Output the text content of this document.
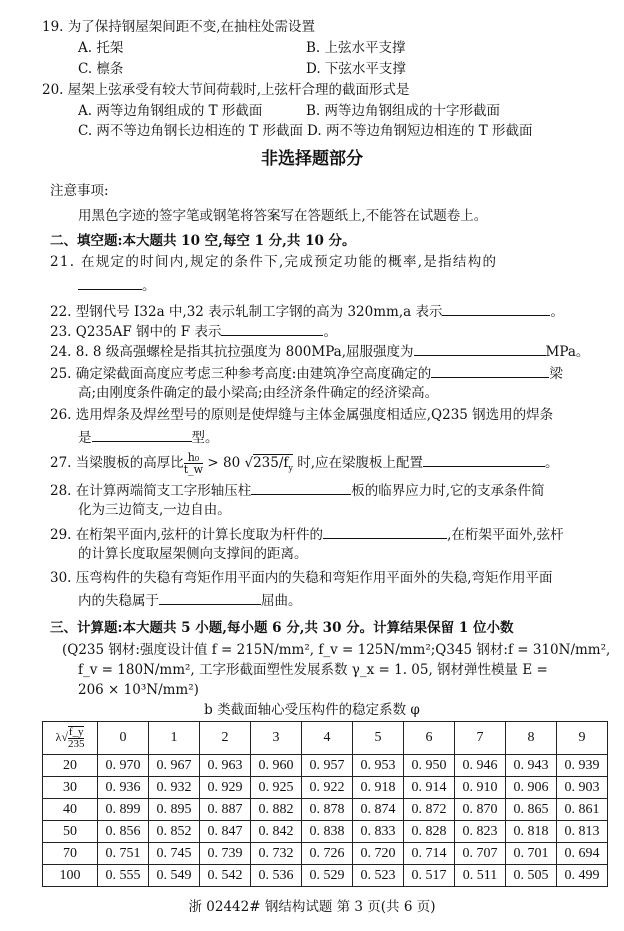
19. 为了保持钢屋架间距不变,在抽柱处需设置
A. 托架	B. 上弦水平支撑
C. 檩条	D. 下弦水平支撑
20. 屋架上弦承受有较大节间荷载时,上弦杆合理的截面形式是
A. 两等边角钢组成的 T 形截面	B. 两等边角钢组成的十字形截面
C. 两不等边角钢长边相连的 T 形截面 D. 两不等边角钢短边相连的 T 形截面
非选择题部分
注意事项:
用黑色字迹的签字笔或钢笔将答案写在答题纸上,不能答在试题卷上。
二、填空题:本大题共 10 空,每空 1 分,共 10 分。
21. 在规定的时间内,规定的条件下,完成预定功能的概率,是指结构的
。
22. 型钢代号 I32a 中,32 表示轧制工字钢的高为 320mm,a 表示	。
23. Q235AF 钢中的 F 表示	。
24. 8. 8 级高强螺栓是指其抗拉强度为 800MPa,屈服强度为	MPa。
25. 确定梁截面高度应考虑三种参考高度:由建筑净空高度确定的	梁
高;由刚度条件确定的最小梁高;由经济条件确定的经济梁高。
26. 选用焊条及焊丝型号的原则是使焊缝与主体金属强度相适应,Q235 钢选用的焊条
是	型。
27. 当梁腹板的高厚比 $\frac{\text{h₀}}{t\_w} > 80$ $√235/f_y$ 时,应在梁腹板上配置	。
28. 在计算两端简支工字形轴压柱	板的临界应力时,它的支承条件简
化为三边简支,一边自由。
29. 在桁架平面内,弦杆的计算长度取为杆件的	,在桁架平面外,弦杆
的计算长度取屋架侧向支撑间的距离。
30. 压弯构件的失稳有弯矩作用平面内的失稳和弯矩作用平面外的失稳,弯矩作用平面
内的失稳属于	屈曲。
三、计算题:本大题共 5 小题,每小题 6 分,共 30 分。计算结果保留 1 位小数
(Q235 钢材:强度设计值 f = 215N/mm², f_v = 125N/mm²;Q345 钢材:f = 310N/mm²,
f_v = 180N/mm², 工字形截面塑性发展系数 γ_x = 1. 05, 钢材弹性模量 E =
206 × 10³N/mm²)
b 类截面轴心受压构件的稳定系数 φ
$\lambda√ \frac{f\_y}{235}$	0	1	2	3	4	5	6	7	8	9
20	0. 970	0. 967	0. 963	0. 960	0. 957	0. 953	0. 950	0. 946	0. 943	0. 939
30	0. 936	0. 932	0. 929	0. 925	0. 922	0. 918	0. 914	0. 910	0. 906	0. 903
40	0. 899	0. 895	0. 887	0. 882	0. 878	0. 874	0. 872	0. 870	0. 865	0. 861
50	0. 856	0. 852	0. 847	0. 842	0. 838	0. 833	0. 828	0. 823	0. 818	0. 813
70	0. 751	0. 745	0. 739	0. 732	0. 726	0. 720	0. 714	0. 707	0. 701	0. 694
100	0. 555	0. 549	0. 542	0. 536	0. 529	0. 523	0. 517	0. 511	0. 505	0. 499
浙 02442# 钢结构试题 第 3 页(共 6 页)
